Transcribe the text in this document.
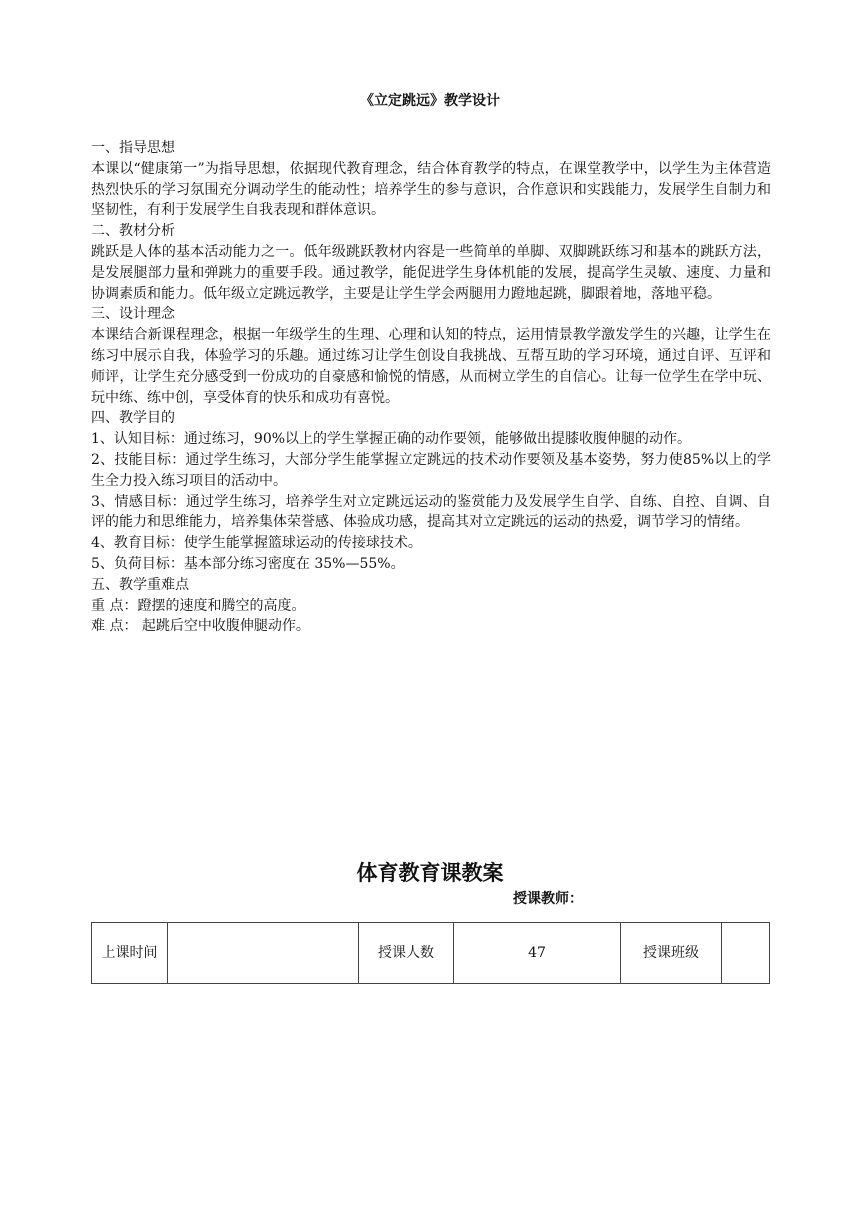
《立定跳远》教学设计

一、指导思想

本课以“健康第一”为指导思想，依据现代教育理念，结合体育教学的特点，在课堂教学中，以学生为主体营造热烈快乐的学习氛围充分调动学生的能动性；培养学生的参与意识，合作意识和实践能力，发展学生自制力和坚韧性，有利于发展学生自我表现和群体意识。

二、教材分析

跳跃是人体的基本活动能力之一。低年级跳跃教材内容是一些简单的单脚、双脚跳跃练习和基本的跳跃方法，是发展腿部力量和弹跳力的重要手段。通过教学，能促进学生身体机能的发展，提高学生灵敏、速度、力量和协调素质和能力。低年级立定跳远教学，主要是让学生学会两腿用力蹬地起跳，脚跟着地，落地平稳。

三、设计理念

本课结合新课程理念，根据一年级学生的生理、心理和认知的特点，运用情景教学激发学生的兴趣，让学生在练习中展示自我，体验学习的乐趣。通过练习让学生创设自我挑战、互帮互助的学习环境，通过自评、互评和师评，让学生充分感受到一份成功的自豪感和愉悦的情感，从而树立学生的自信心。让每一位学生在学中玩、玩中练、练中创，享受体育的快乐和成功有喜悦。

四、教学目的

1、认知目标：通过练习，90%以上的学生掌握正确的动作要领，能够做出提膝收腹伸腿的动作。

2、技能目标：通过学生练习，大部分学生能掌握立定跳远的技术动作要领及基本姿势，努力使85%以上的学生全力投入练习项目的活动中。

3、情感目标：通过学生练习，培养学生对立定跳远运动的鉴赏能力及发展学生自学、自练、自控、自调、自评的能力和思维能力，培养集体荣誉感、体验成功感，提高其对立定跳远的运动的热爱，调节学习的情绪。

4、教育目标：使学生能掌握篮球运动的传接球技术。

5、负荷目标：基本部分练习密度在 35%—55%。

五、教学重难点

重 点：蹬摆的速度和腾空的高度。

难 点： 起跳后空中收腹伸腿动作。

体育教育课教案
授课教师：
上课时间		授课人数	47	授课班级	
